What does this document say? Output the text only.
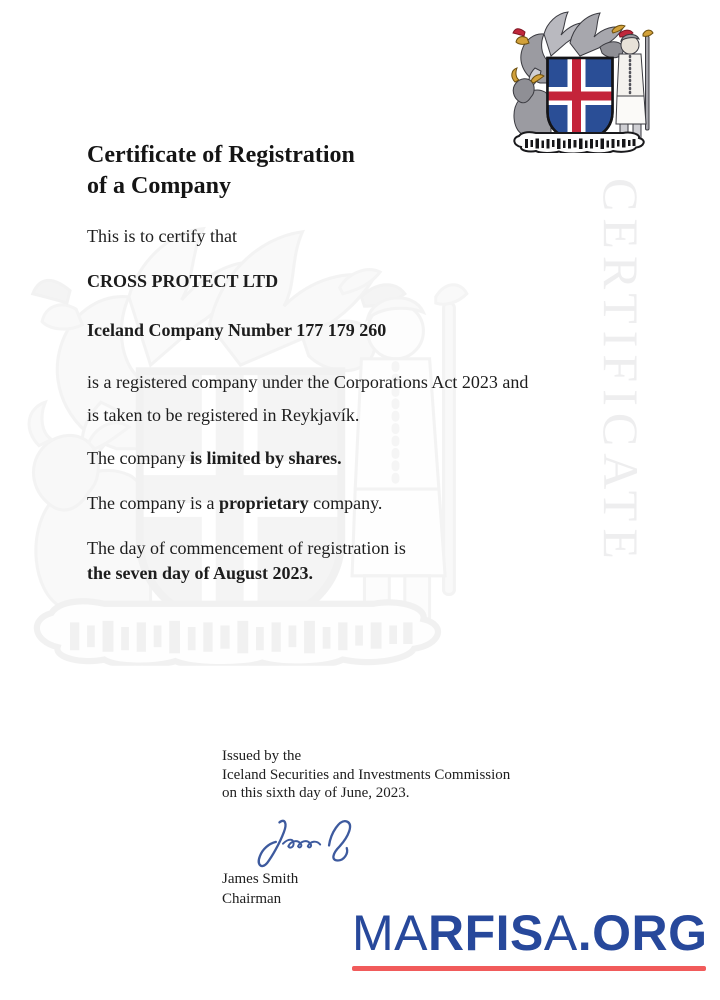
CERTIFICATE
Certificate of Registration
of a Company
This is to certify that
CROSS PROTECT LTD
Iceland Company Number 177 179 260
is a registered company under the Corporations Act 2023 and
is taken to be registered in Reykjavík.
The company is limited by shares.
The company is a proprietary company.
The day of commencement of registration is
the seven day of August 2023.
Issued by the
Iceland Securities and Investments Commission
on this sixth day of June, 2023.
James Smith
Chairman
MARFISA.ORG
